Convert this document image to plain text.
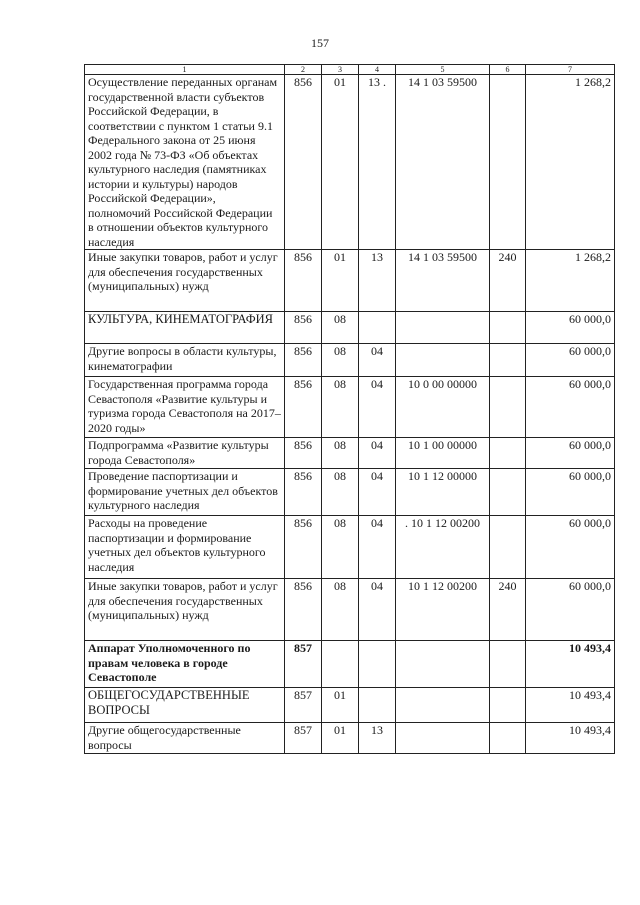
157
1	2	3	4	5	6	7
Осуществление переданных органам государственной власти субъектов Российской Федерации, в соответствии с пунктом 1 статьи 9.1 Федерального закона от 25 июня 2002 года № 73-ФЗ «Об объектах культурного наследия (памятниках истории и культуры) народов Российской Федерации», полномочий Российской Федерации в отношении объектов культурного наследия	856	01	13 .	14 1 03 59500		1 268,2
Иные закупки товаров, работ и услуг для обеспечения государственных (муниципальных) нужд	856	01	13	14 1 03 59500	240	1 268,2
КУЛЬТУРА, КИНЕМАТОГРАФИЯ	856	08				60 000,0
Другие вопросы в области культуры, кинематографии	856	08	04			60 000,0
Государственная программа города Севастополя «Развитие культуры и туризма города Севастополя на 2017–2020 годы»	856	08	04	10 0 00 00000		60 000,0
Подпрограмма «Развитие культуры города Севастополя»	856	08	04	10 1 00 00000		60 000,0
Проведение паспортизации и формирование учетных дел объектов культурного наследия	856	08	04	10 1 12 00000		60 000,0
Расходы на проведение паспортизации и формирование учетных дел объектов культурного наследия	856	08	04	. 10 1 12 00200		60 000,0
Иные закупки товаров, работ и услуг для обеспечения государственных (муниципальных) нужд	856	08	04	10 1 12 00200	240	60 000,0
Аппарат Уполномоченного по правам человека в городе Севастополе	857					10 493,4
ОБЩЕГОСУДАРСТВЕННЫЕ ВОПРОСЫ	857	01				10 493,4
Другие общегосударственные вопросы	857	01	13			10 493,4
